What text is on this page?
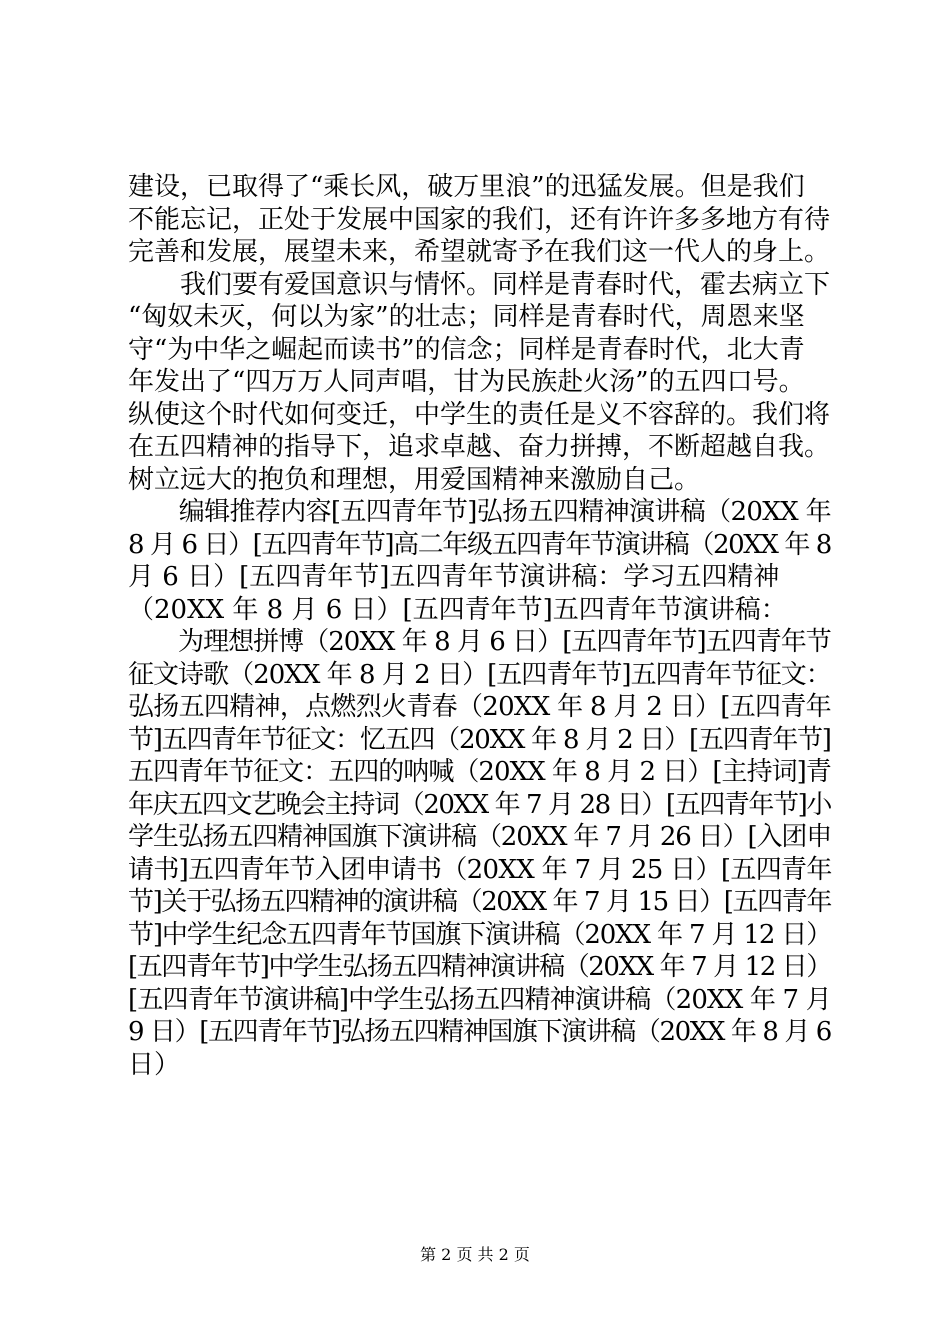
建设，已取得了“乘长风，破万里浪”的迅猛发展。但是我们
不能忘记，正处于发展中国家的我们，还有许许多多地方有待
完善和发展，展望未来，希望就寄予在我们这一代人的身上。
　　我们要有爱国意识与情怀。同样是青春时代，霍去病立下
“匈奴未灭，何以为家”的壮志；同样是青春时代，周恩来坚
守“为中华之崛起而读书”的信念；同样是青春时代，北大青
年发出了“四万万人同声唱，甘为民族赴火汤”的五四口号。
纵使这个时代如何变迁，中学生的责任是义不容辞的。我们将
在五四精神的指导下，追求卓越、奋力拼搏，不断超越自我。
树立远大的抱负和理想，用爱国精神来激励自己。
　　编辑推荐内容[五四青年节]弘扬五四精神演讲稿（20XX 年
8 月 6 日）[五四青年节]高二年级五四青年节演讲稿（20XX 年 8
月 6 日）[五四青年节]五四青年节演讲稿：学习五四精神
（20XX 年 8 月 6 日）[五四青年节]五四青年节演讲稿：
　　为理想拼博（20XX 年 8 月 6 日）[五四青年节]五四青年节
征文诗歌（20XX 年 8 月 2 日）[五四青年节]五四青年节征文：
弘扬五四精神，点燃烈火青春（20XX 年 8 月 2 日）[五四青年
节]五四青年节征文：忆五四（20XX 年 8 月 2 日）[五四青年节]
五四青年节征文：五四的呐喊（20XX 年 8 月 2 日）[主持词]青
年庆五四文艺晚会主持词（20XX 年 7 月 28 日）[五四青年节]小
学生弘扬五四精神国旗下演讲稿（20XX 年 7 月 26 日）[入团申
请书]五四青年节入团申请书（20XX 年 7 月 25 日）[五四青年
节]关于弘扬五四精神的演讲稿（20XX 年 7 月 15 日）[五四青年
节]中学生纪念五四青年节国旗下演讲稿（20XX 年 7 月 12 日）
[五四青年节]中学生弘扬五四精神演讲稿（20XX 年 7 月 12 日）
[五四青年节演讲稿]中学生弘扬五四精神演讲稿（20XX 年 7 月
9 日）[五四青年节]弘扬五四精神国旗下演讲稿（20XX 年 8 月 6
日）
第 2 页 共 2 页
